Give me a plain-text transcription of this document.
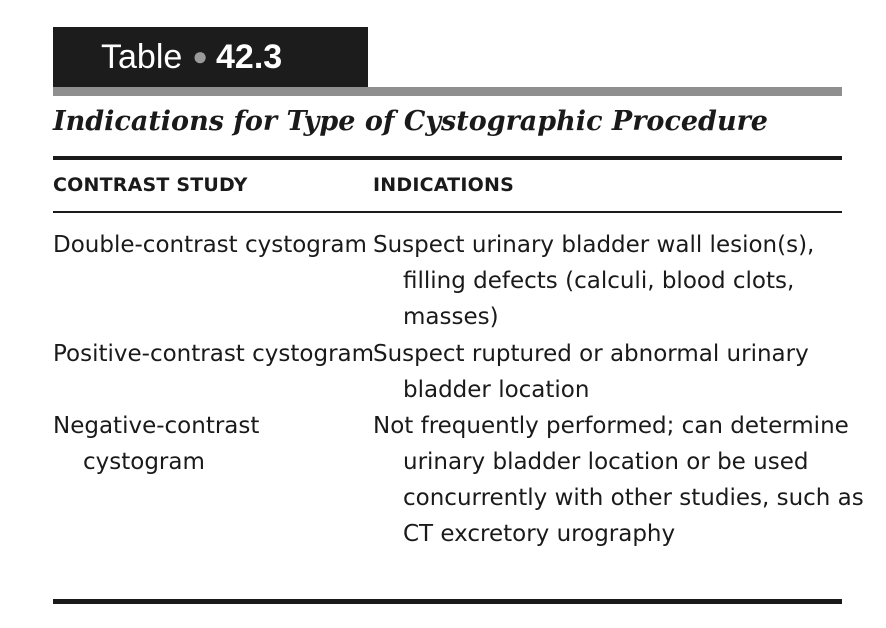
Table ● 42.3
Indications for Type of Cystographic Procedure
CONTRAST STUDY	INDICATIONS
Double-contrast cystogram Suspect urinary bladder wall lesion(s), filling defects (calculi, blood clots, masses)
Positive-contrast cystogram
Suspect ruptured or abnormal urinary bladder location
Negative-contrast cystogram
Not frequently performed; can determine urinary bladder location or be used concurrently with other studies, such as CT excretory urography
